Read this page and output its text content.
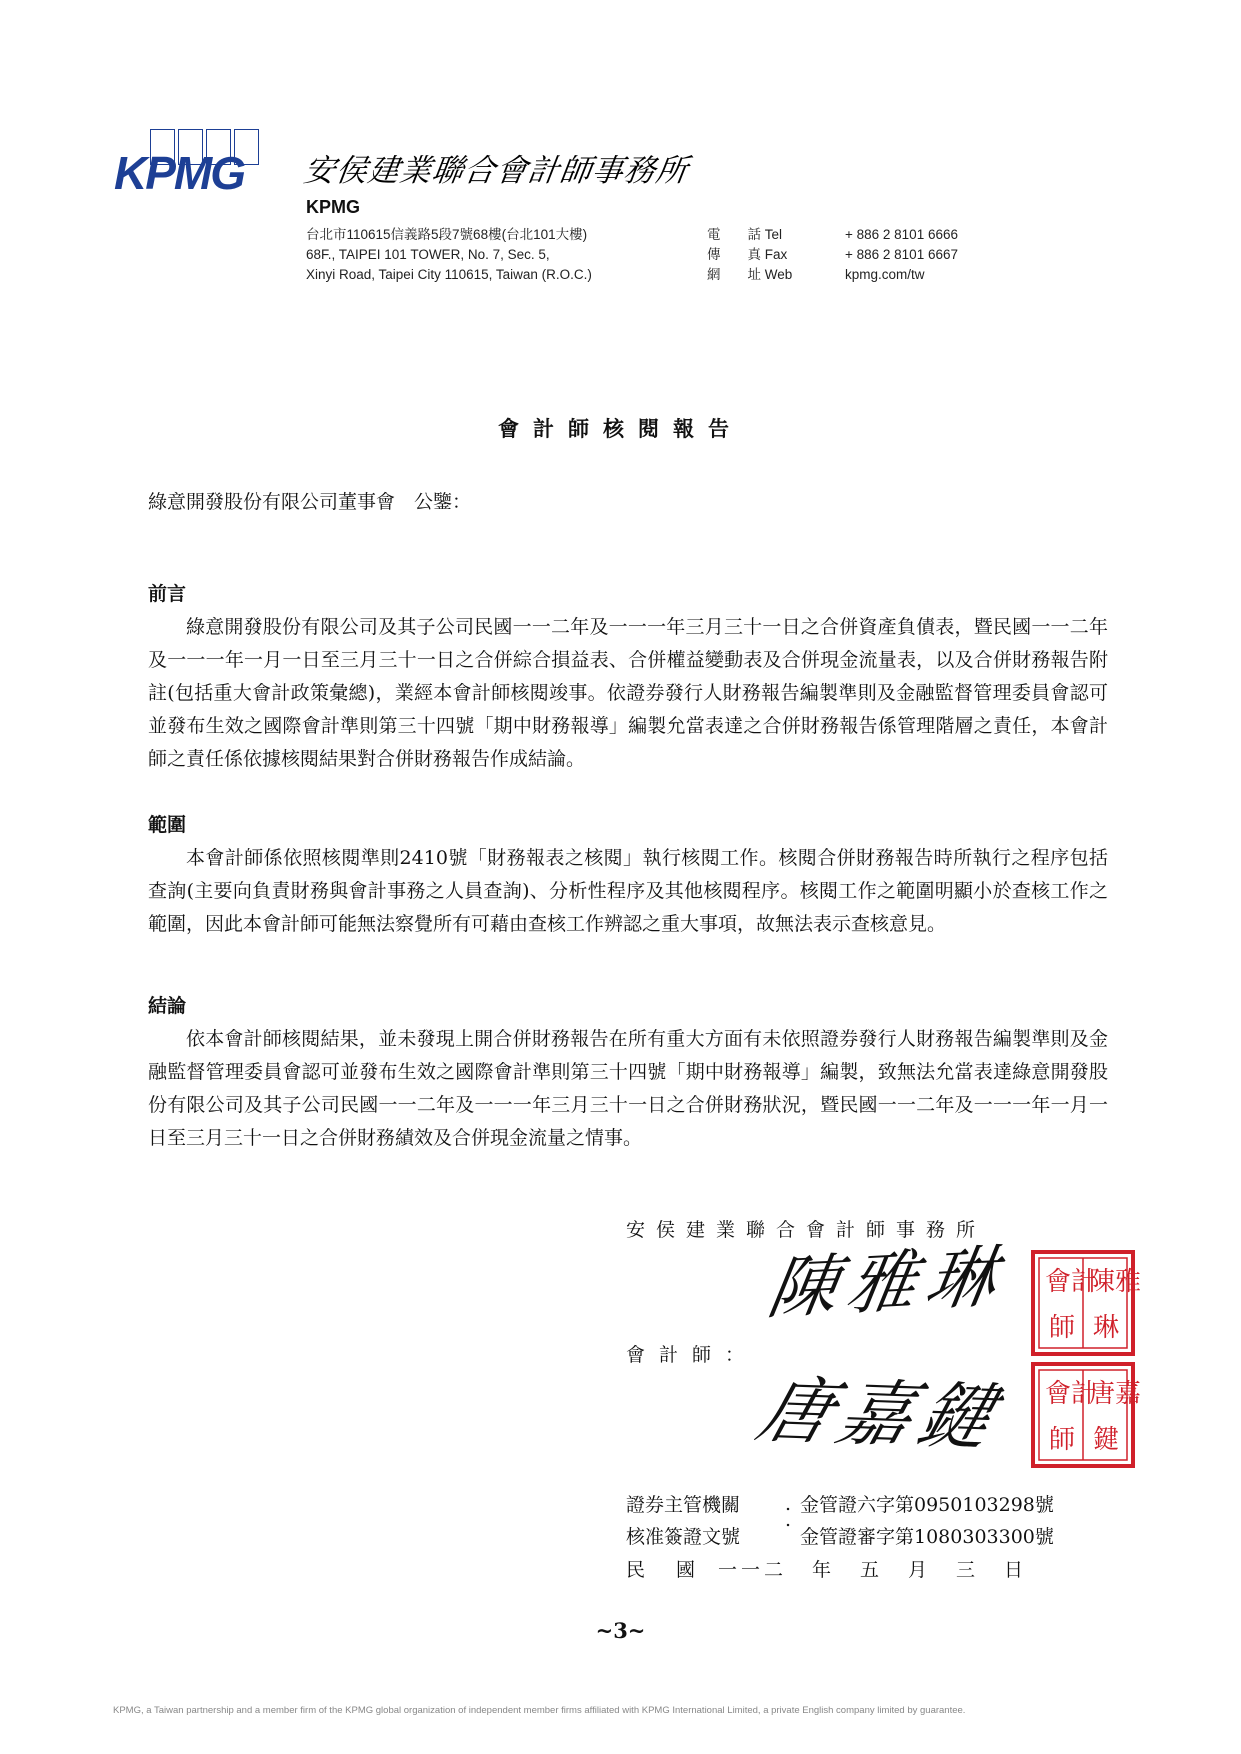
KPMG 安侯建業聯合會計師事務所
KPMG
台北市110615信義路5段7號68樓(台北101大樓)
68F., TAIPEI 101 TOWER, No. 7, Sec. 5,
Xinyi Road, Taipei City 110615, Taiwan (R.O.C.)
電　　話 Tel
傳　　真 Fax
網　　址 Web
+ 886 2 8101 6666
+ 886 2 8101 6667
kpmg.com/tw
會計師核閱報告
綠意開發股份有限公司董事會　公鑒：
前言

綠意開發股份有限公司及其子公司民國一一二年及一一一年三月三十一日之合併資產負債表，暨民國一一二年及一一一年一月一日至三月三十一日之合併綜合損益表、合併權益變動表及合併現金流量表，以及合併財務報告附註(包括重大會計政策彙總)，業經本會計師核閱竣事。依證券發行人財務報告編製準則及金融監督管理委員會認可並發布生效之國際會計準則第三十四號「期中財務報導」編製允當表達之合併財務報告係管理階層之責任，本會計師之責任係依據核閱結果對合併財務報告作成結論。

範圍

本會計師係依照核閱準則2410號「財務報表之核閱」執行核閱工作。核閱合併財務報告時所執行之程序包括查詢(主要向負責財務與會計事務之人員查詢)、分析性程序及其他核閱程序。核閱工作之範圍明顯小於查核工作之範圍，因此本會計師可能無法察覺所有可藉由查核工作辨認之重大事項，故無法表示查核意見。

結論

依本會計師核閱結果，並未發現上開合併財務報告在所有重大方面有未依照證券發行人財務報告編製準則及金融監督管理委員會認可並發布生效之國際會計準則第三十四號「期中財務報導」編製，致無法允當表達綠意開發股份有限公司及其子公司民國一一二年及一一一年三月三十一日之合併財務狀況，暨民國一一二年及一一一年一月一日至三月三十一日之合併財務績效及合併現金流量之情事。

安侯建業聯合會計師事務所
會計師：
陳雅琳
唐嘉鍵
會計
師
陳雅
琳
會計
師
唐嘉
鍵
證券主管機關
核准簽證文號
.
.
金管證六字第0950103298號
金管證審字第1080303300號
民 國 一一二 年 五 月 三 日
~3~
KPMG, a Taiwan partnership and a member firm of the KPMG global organization of independent member firms affiliated with KPMG International Limited, a private English company limited by guarantee.
